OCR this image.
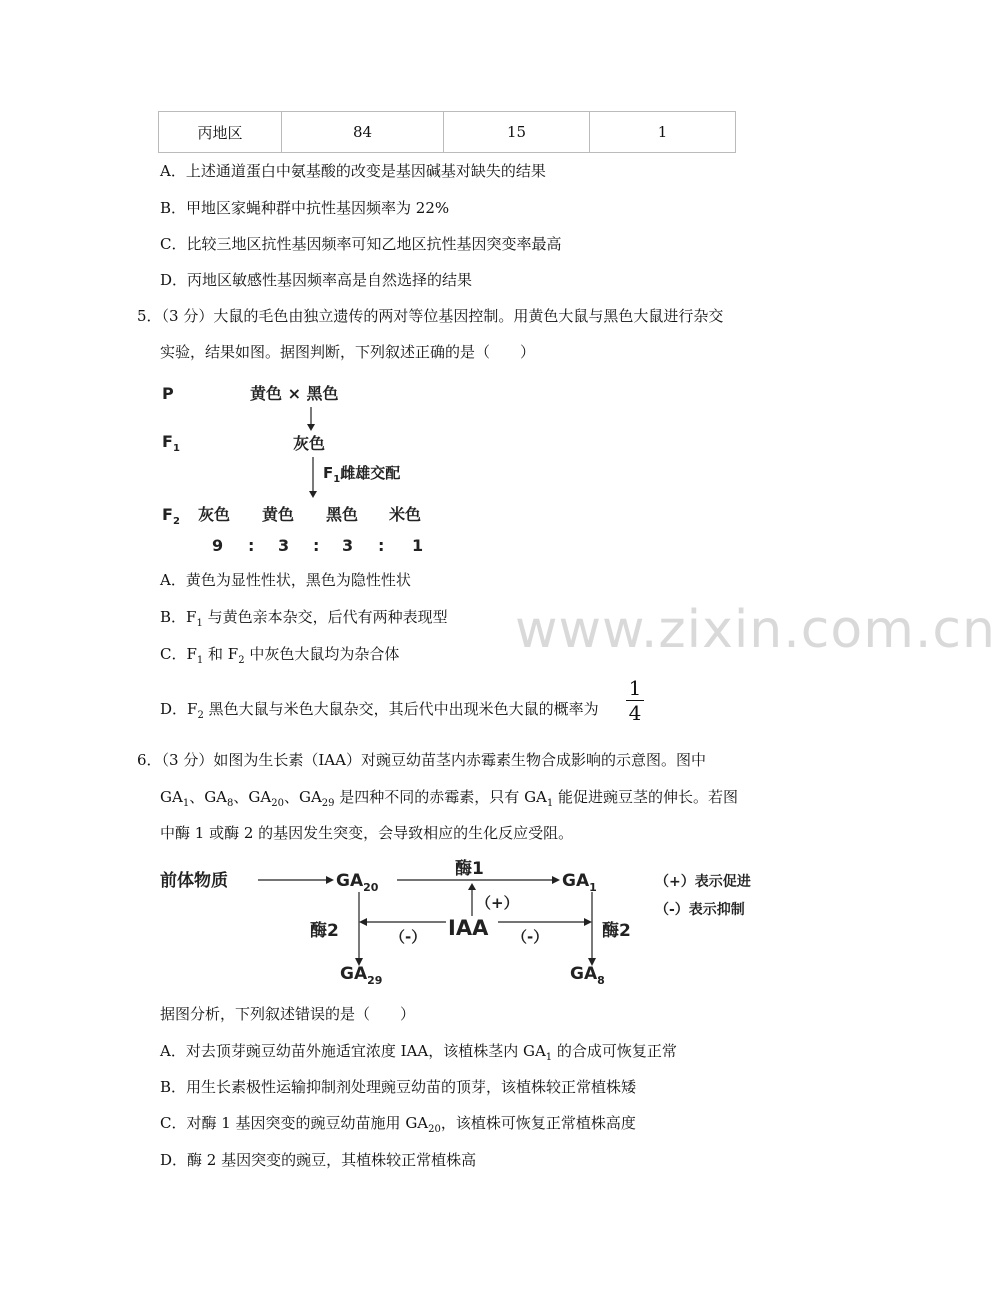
丙地区	84	15	1
A．上述通道蛋白中氨基酸的改变是基因碱基对缺失的结果
B．甲地区家蝇种群中抗性基因频率为 22%
C．比较三地区抗性基因频率可知乙地区抗性基因突变率最高
D．丙地区敏感性基因频率高是自然选择的结果
5．（3 分）大鼠的毛色由独立遗传的两对等位基因控制。用黄色大鼠与黑色大鼠进行杂交
实验，结果如图。据图判断，下列叙述正确的是（　　）
P	黄色 × 黑色
$F_1$	灰色
$F_1$雌雄交配
$F_2$ 灰色 黄色 黑色 米色
9 : 3 : 3 : 1
A．黄色为显性性状，黑色为隐性性状
B．$F_1$ 与黄色亲本杂交，后代有两种表现型
C．$F_1$ 和 $F_2$ 中灰色大鼠均为杂合体
D．$F_2$ 黑色大鼠与米色大鼠杂交，其后代中出现米色大鼠的概率为
1
4
6．（3 分）如图为生长素（IAA）对豌豆幼苗茎内赤霉素生物合成影响的示意图。图中
$GA_1$、$GA_8$、$GA_{20}$、$GA_{29}$ 是四种不同的赤霉素，只有 $GA_1$ 能促进豌豆茎的伸长。若图
中酶 1 或酶 2 的基因发生突变，会导致相应的生化反应受阻。
前体物质	$GA_{20}$
酶1
$GA_1$	（+）表示促进
（-）表示抑制
（+）
酶2	（-） IAA （-）	酶2
$GA_{29}$	$GA_8$
据图分析，下列叙述错误的是（　　）
A．对去顶芽豌豆幼苗外施适宜浓度 IAA，该植株茎内 $GA_1$ 的合成可恢复正常
B．用生长素极性运输抑制剂处理豌豆幼苗的顶芽，该植株较正常植株矮
C．对酶 1 基因突变的豌豆幼苗施用 $GA_{20}$，该植株可恢复正常植株高度
D．酶 2 基因突变的豌豆，其植株较正常植株高
www.zixin.com.cn
